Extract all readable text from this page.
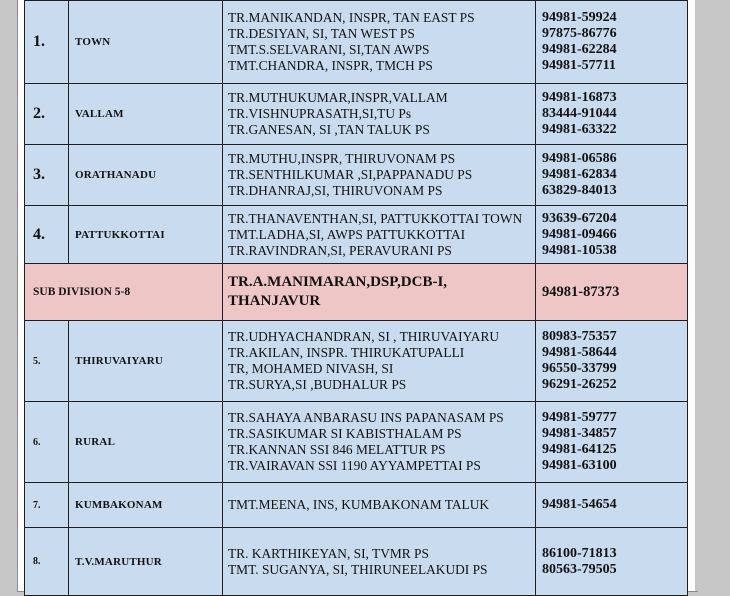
1.	TOWN	TR.MANIKANDAN, INSPR, TAN EAST PS
TR.DESIYAN, SI, TAN WEST PS
TMT.S.SELVARANI, SI,TAN AWPS
TMT.CHANDRA, INSPR, TMCH PS	94981-59924
97875-86776
94981-62284
94981-57711

2.	VALLAM	TR.MUTHUKUMAR,INSPR,VALLAM
TR.VISHNUPRASATH,SI,TU Ps
TR.GANESAN, SI ,TAN TALUK PS	94981-16873
83444-91044
94981-63322

3.	ORATHANADU	TR.MUTHU,INSPR, THIRUVONAM PS
TR.SENTHILKUMAR ,SI,PAPPANADU PS
TR.DHANRAJ,SI, THIRUVONAM PS	94981-06586
94981-62834
63829-84013

4.	PATTUKKOTTAI	TR.THANAVENTHAN,SI, PATTUKKOTTAI TOWN
TMT.LADHA,SI, AWPS PATTUKKOTTAI
TR.RAVINDRAN,SI, PERAVURANI PS	93639-67204
94981-09466
94981-10538

SUB DIVISION 5-8		TR.A.MANIMARAN,DSP,DCB-I,
THANJAVUR	94981-87373
5.	THIRUVAIYARU	TR.UDHYACHANDRAN, SI , THIRUVAIYARU
TR.AKILAN, INSPR. THIRUKATUPALLI
TR, MOHAMED NIVASH, SI
TR.SURYA,SI ,BUDHALUR PS	80983-75357
94981-58644
96550-33799
96291-26252

6.	RURAL	TR.SAHAYA ANBARASU INS PAPANASAM PS
TR.SASIKUMAR SI KABISTHALAM PS
TR.KANNAN SSI 846 MELATTUR PS
TR.VAIRAVAN SSI 1190 AYYAMPETTAI PS	94981-59777
94981-34857
94981-64125
94981-63100

7.	KUMBAKONAM	TMT.MEENA, INS, KUMBAKONAM TALUK	94981-54654

8.	T.V.MARUTHUR	TR. KARTHIKEYAN, SI, TVMR PS
TMT. SUGANYA, SI, THIRUNEELAKUDI PS	86100-71813
80563-79505
